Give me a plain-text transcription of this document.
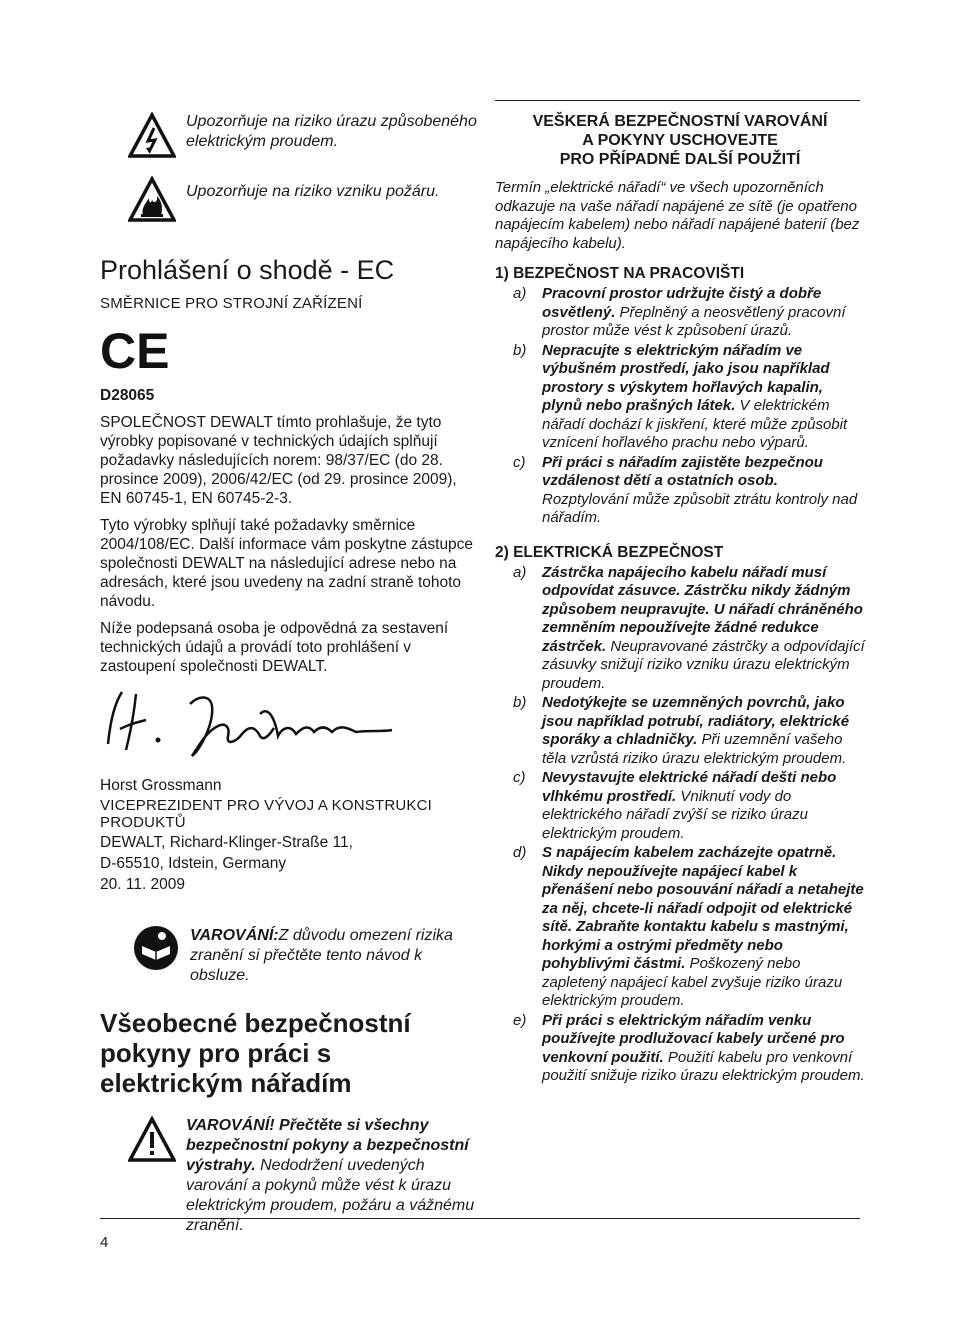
Upozorňuje na riziko úrazu způsobeného elektrickým proudem.
Upozorňuje na riziko vzniku požáru.
Prohlášení o shodě - EC
SMĚRNICE PRO STROJNÍ ZAŘÍZENÍ
CE
D28065

SPOLEČNOST DEWALT tímto prohlašuje, že tyto výrobky popisované v technických údajích splňují požadavky následujících norem: 98/37/EC (do 28. prosince 2009), 2006/42/EC (od 29. prosince 2009), EN 60745-1, EN 60745-2-3.

Tyto výrobky splňují také požadavky směrnice 2004/108/EC. Další informace vám poskytne zástupce společnosti DEWALT na následující adrese nebo na adresách, které jsou uvedeny na zadní straně tohoto návodu.

Níže podepsaná osoba je odpovědná za sestavení technických údajů a provádí toto prohlášení v zastoupení společnosti DEWALT.

Horst Grossmann
VICEPREZIDENT PRO VÝVOJ A KONSTRUKCI PRODUKTŮ
DEWALT, Richard-Klinger-Straße 11,
D-65510, Idstein, Germany
20. 11. 2009
VAROVÁNÍ:Z důvodu omezení rizika zranění si přečtěte tento návod k obsluze.
Všeobecné bezpečnostní pokyny pro práci s elektrickým nářadím
VAROVÁNÍ! Přečtěte si všechny bezpečnostní pokyny a bezpečnostní výstrahy. Nedodržení uvedených varování a pokynů může vést k úrazu elektrickým proudem, požáru a vážnému zranění.

VEŠKERÁ BEZPEČNOSTNÍ VAROVÁNÍ

A POKYNY USCHOVEJTE

PRO PŘÍPADNÉ DALŠÍ POUŽITÍ

Termín „elektrické nářadí“ ve všech upozorněních odkazuje na vaše nářadí napájené ze sítě (je opatřeno napájecím kabelem) nebo nářadí napájené baterií (bez napájecího kabelu).

1) BEZPEČNOST NA PRACOVIŠTI
a)	Pracovní prostor udržujte čistý a dobře osvětlený. Přeplněný a neosvětlený pracovní prostor může vést k způsobení úrazů.
b)	Nepracujte s elektrickým nářadím ve výbušném prostředí, jako jsou například prostory s výskytem hořlavých kapalin, plynů nebo prašných látek. V elektrickém nářadí dochází k jiskření, které může způsobit vznícení hořlavého prachu nebo výparů.
c)	Při práci s nářadím zajistěte bezpečnou vzdálenost dětí a ostatních osob. Rozptylování může způsobit ztrátu kontroly nad nářadím.
2) ELEKTRICKÁ BEZPEČNOST
a)	Zástrčka napájecího kabelu nářadí musí odpovídat zásuvce. Zástrčku nikdy žádným způsobem neupravujte. U nářadí chráněného zemněním nepoužívejte žádné redukce zástrček. Neupravované zástrčky a odpovídající zásuvky snižují riziko vzniku úrazu elektrickým proudem.
b)	Nedotýkejte se uzemněných povrchů, jako jsou například potrubí, radiátory, elektrické sporáky a chladničky. Při uzemnění vašeho těla vzrůstá riziko úrazu elektrickým proudem.
c)	Nevystavujte elektrické nářadí dešti nebo vlhkému prostředí. Vniknutí vody do elektrického nářadí zvýší se riziko úrazu elektrickým proudem.
d)	S napájecím kabelem zacházejte opatrně. Nikdy nepoužívejte napájecí kabel k přenášení nebo posouvání nářadí a netahejte za něj, chcete-li nářadí odpojit od elektrické sítě. Zabraňte kontaktu kabelu s mastnými, horkými a ostrými předměty nebo pohyblivými částmi. Poškozený nebo zapletený napájecí kabel zvyšuje riziko úrazu elektrickým proudem.
e)	Při práci s elektrickým nářadím venku používejte prodlužovací kabely určené pro venkovní použití. Použití kabelu pro venkovní použití snižuje riziko úrazu elektrickým proudem.
4
